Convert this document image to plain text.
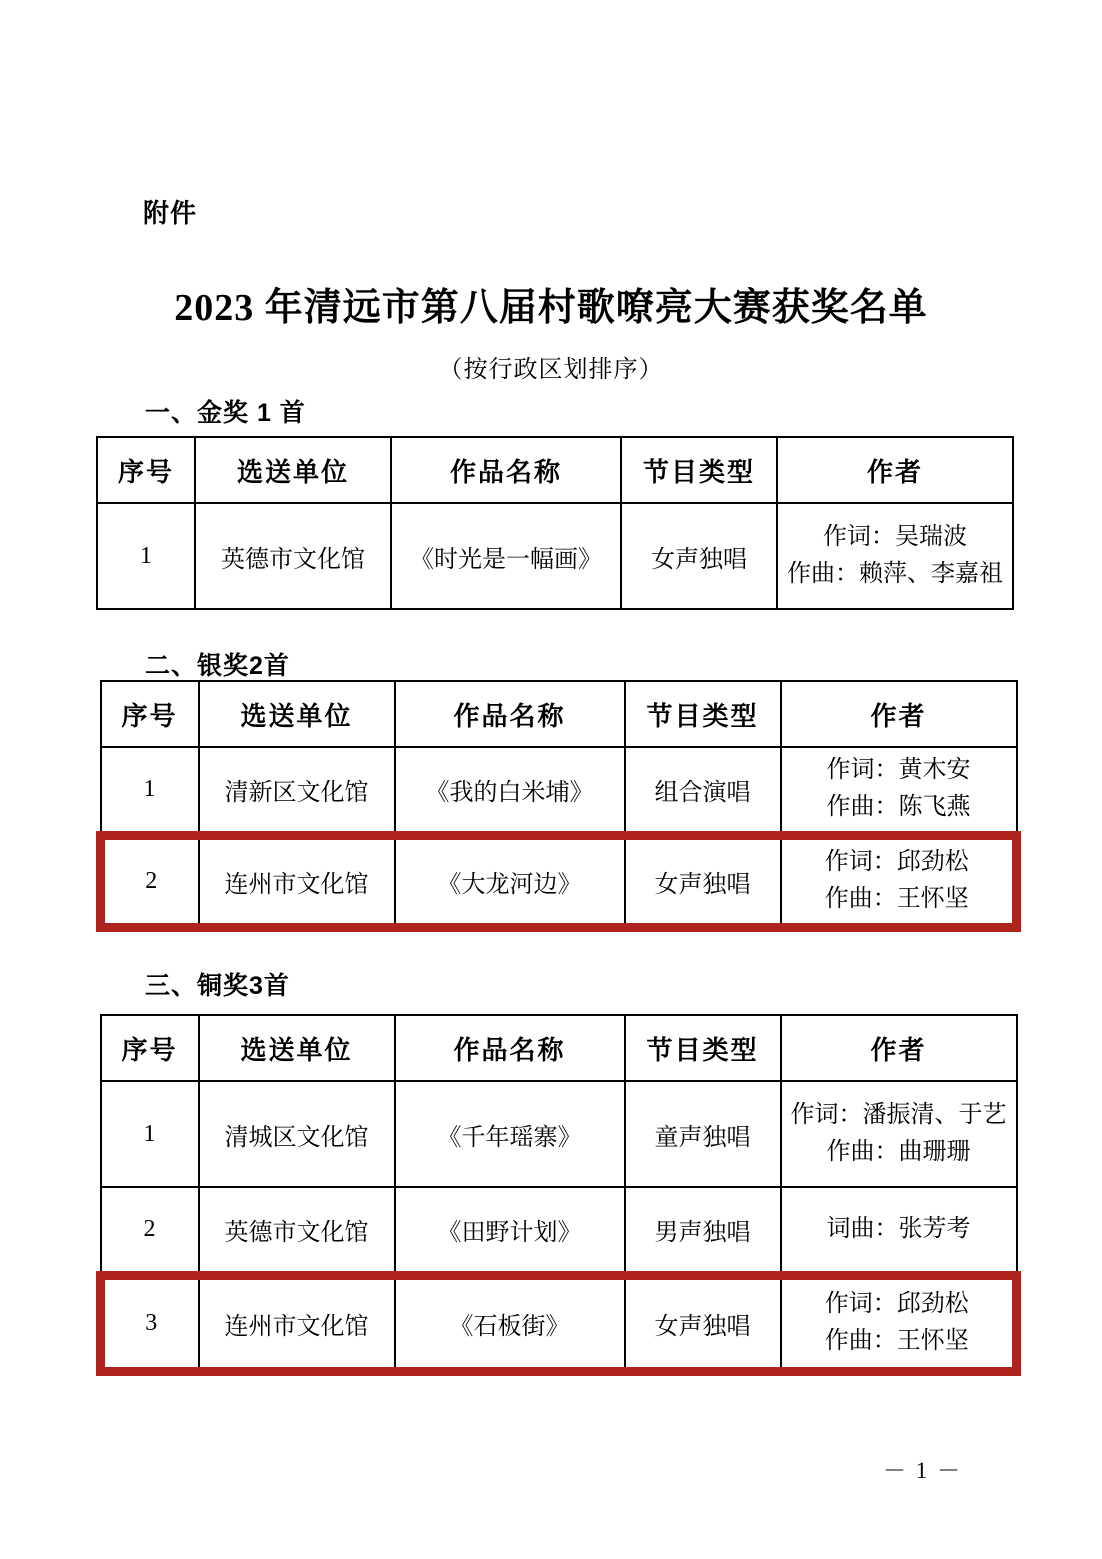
附件
2023 年清远市第八届村歌嘹亮大赛获奖名单
（按行政区划排序）
一、金奖 1 首
序号	选送单位	作品名称	节目类型	作者
1	英德市文化馆	《时光是一幅画》	女声独唱	作词：吴瑞波
作曲：赖萍、李嘉祖
二、银奖2首
序号	选送单位	作品名称	节目类型	作者
1	清新区文化馆	《我的白米埔》	组合演唱	作词：黄木安
作曲：陈飞燕

2	连州市文化馆	《大龙河边》	女声独唱	作词：邱劲松
作曲：王怀坚
三、铜奖3首
序号	选送单位	作品名称	节目类型	作者
1	清城区文化馆	《千年瑶寨》	童声独唱	作词：潘振清、于艺
作曲：曲珊珊

2	英德市文化馆	《田野计划》	男声独唱	词曲：张芳考

3	连州市文化馆	《石板街》	女声独唱	作词：邱劲松
作曲：王怀坚
－ 1 －
